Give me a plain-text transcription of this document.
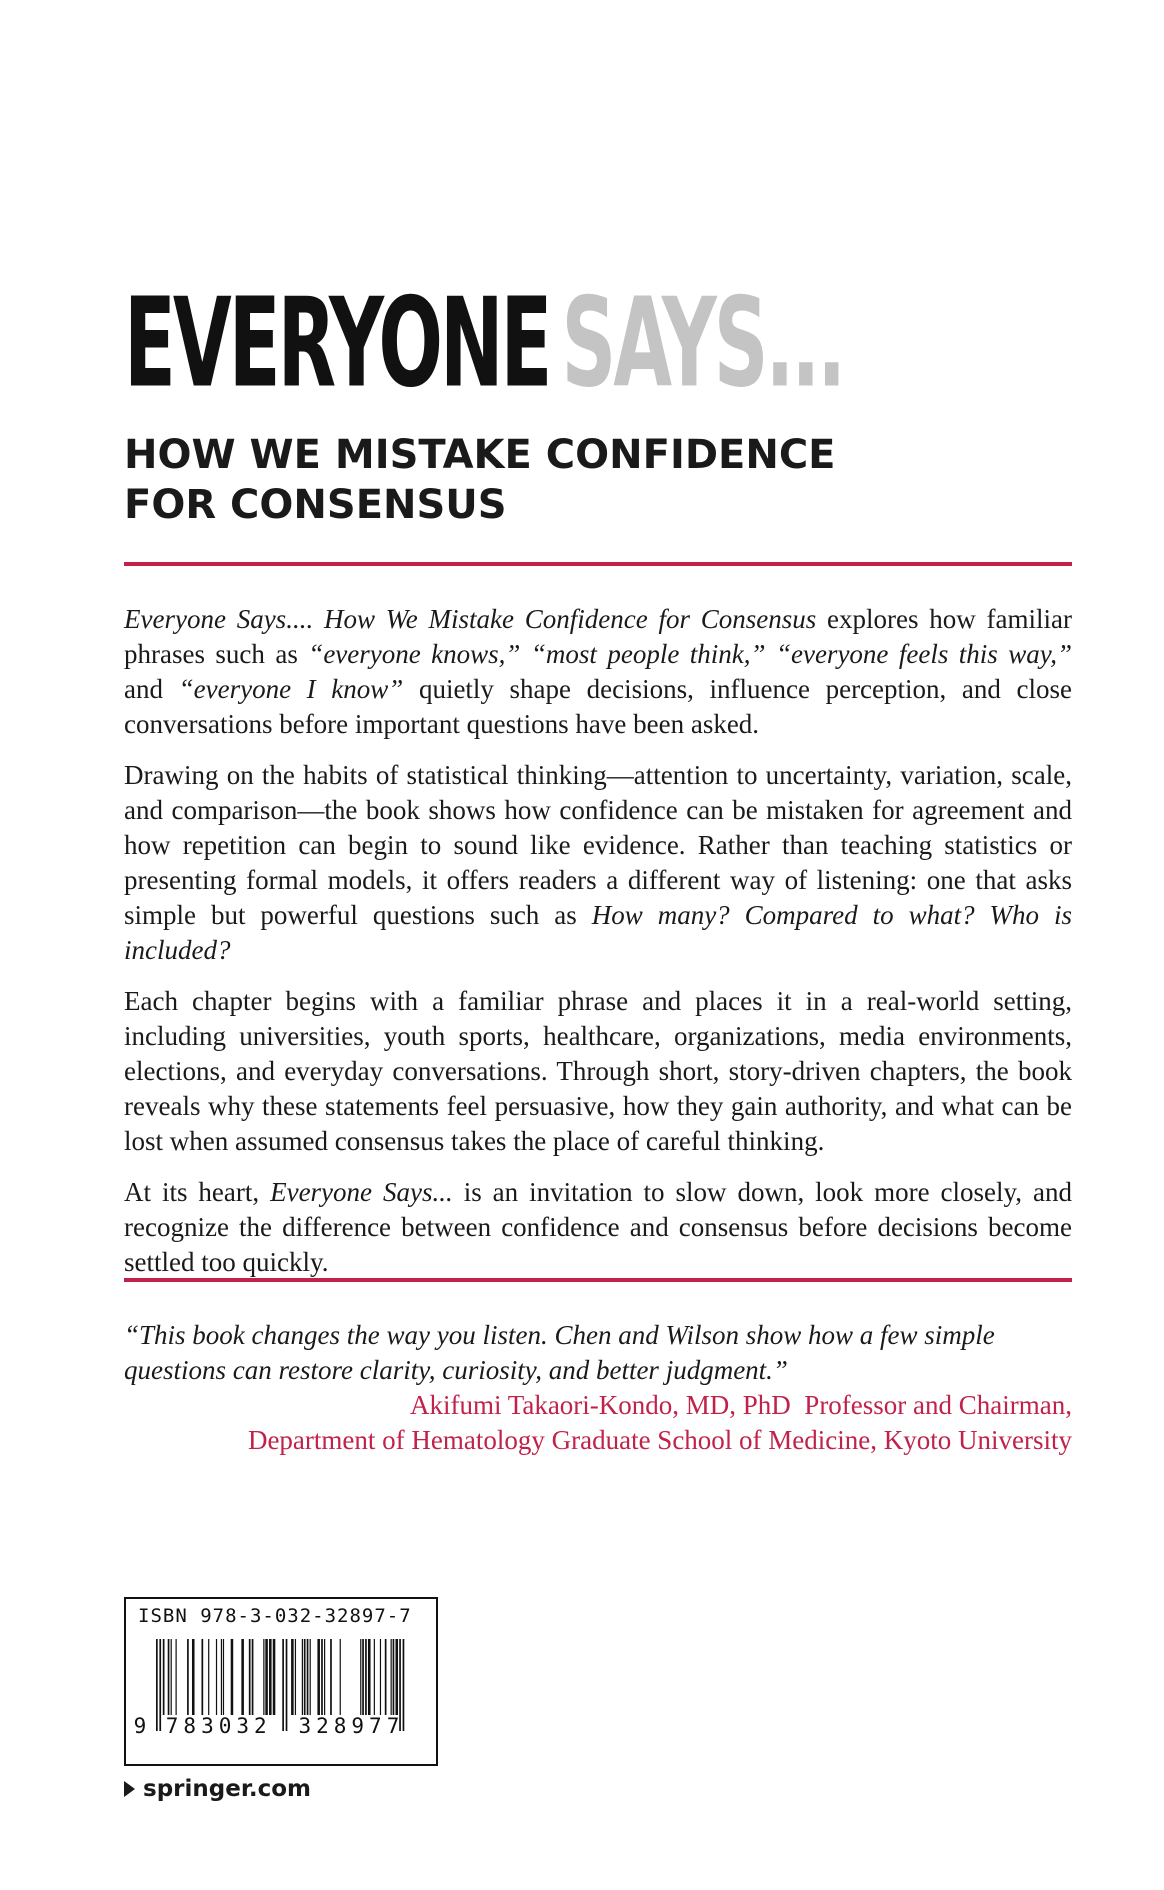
EVERYONE SAYS...
HOW WE MISTAKE CONFIDENCE
FOR CONSENSUS

Everyone Says.... How We Mistake Confidence for Consensus explores how familiar phrases such as “everyone knows,” “most people think,” “everyone feels this way,” and “everyone I know” quietly shape decisions, influence perception, and close conversations before important questions have been asked.

Drawing on the habits of statistical thinking—attention to uncertainty, variation, scale, and comparison—the book shows how confidence can be mistaken for agreement and how repetition can begin to sound like evidence. Rather than teaching statistics or presenting formal models, it offers readers a different way of listening: one that asks simple but powerful questions such as How many? Compared to what? Who is included?

Each chapter begins with a familiar phrase and places it in a real-world setting, including universities, youth sports, healthcare, organizations, media environments, elections, and everyday conversations. Through short, story-driven chapters, the book reveals why these statements feel persuasive, how they gain authority, and what can be lost when assumed consensus takes the place of careful thinking.

At its heart, Everyone Says... is an invitation to slow down, look more closely, and recognize the difference between confidence and consensus before decisions become settled too quickly.

“This book changes the way you listen. Chen and Wilson show how a few simple questions can restore clarity, curiosity, and better judgment.”
Akifumi Takaori-Kondo, MD, PhD  Professor and Chairman,
Department of Hematology Graduate School of Medicine, Kyoto University
ISBN 978-3-032-32897-7
9 783032 328977
springer.com
